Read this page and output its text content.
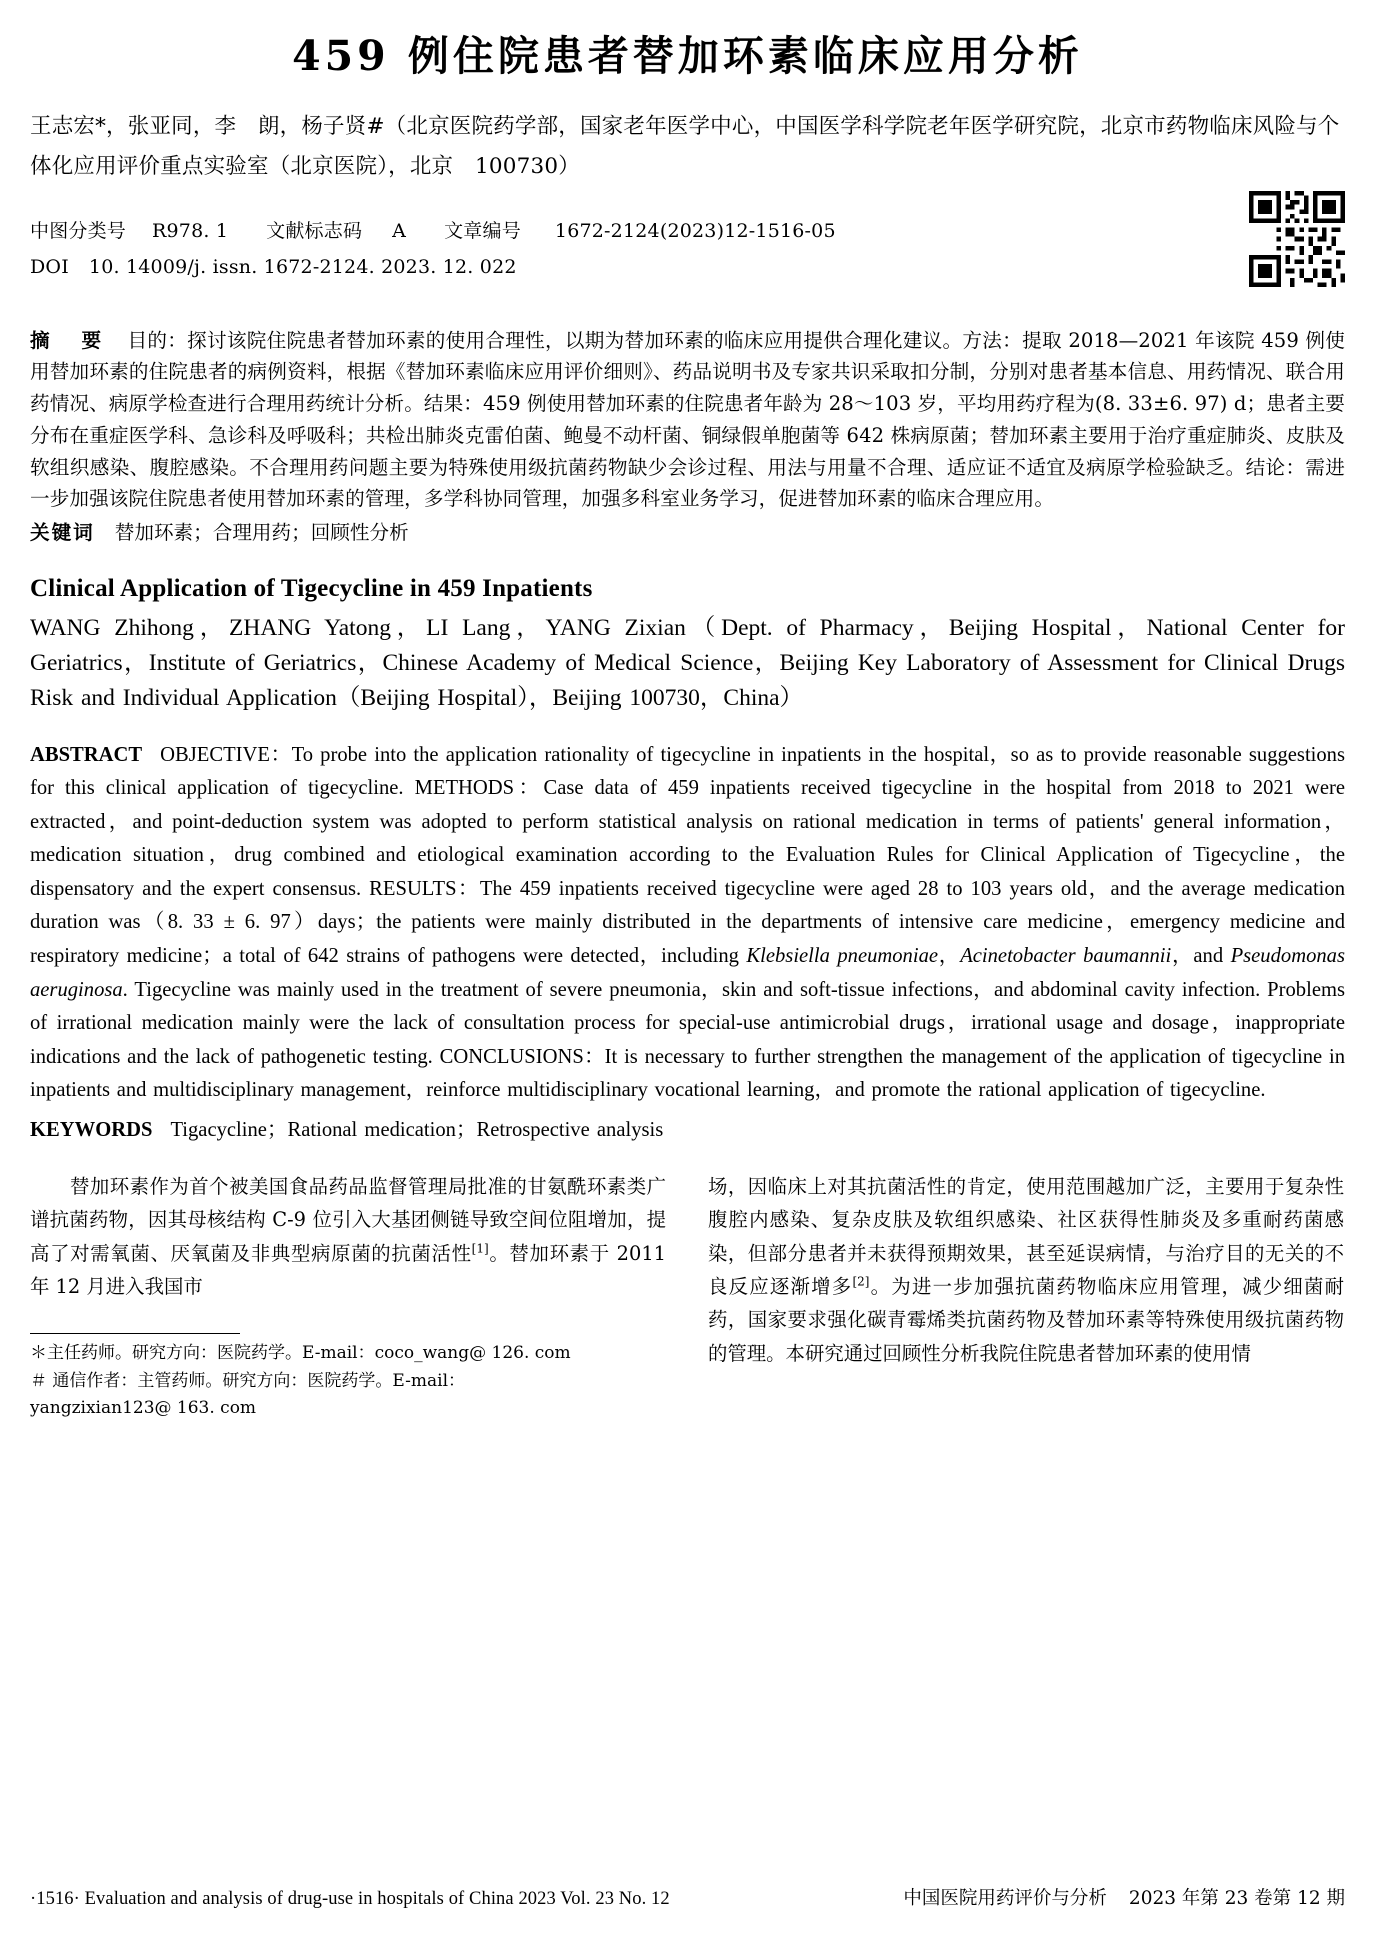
459 例住院患者替加环素临床应用分析
王志宏*，张亚同，李　朗，杨子贤#（北京医院药学部，国家老年医学中心，中国医学科学院老年医学研究院，北京市药物临床风险与个体化应用评价重点实验室（北京医院），北京　100730）
中图分类号 R978. 1 文献标志码 A 文章编号 1672-2124(2023)12-1516-05
DOI 10. 14009/j. issn. 1672-2124. 2023. 12. 022
摘　要 目的：探讨该院住院患者替加环素的使用合理性，以期为替加环素的临床应用提供合理化建议。方法：提取 2018—2021 年该院 459 例使用替加环素的住院患者的病例资料，根据《替加环素临床应用评价细则》、药品说明书及专家共识采取扣分制，分别对患者基本信息、用药情况、联合用药情况、病原学检查进行合理用药统计分析。结果：459 例使用替加环素的住院患者年龄为 28～103 岁，平均用药疗程为(8. 33±6. 97) d；患者主要分布在重症医学科、急诊科及呼吸科；共检出肺炎克雷伯菌、鲍曼不动杆菌、铜绿假单胞菌等 642 株病原菌；替加环素主要用于治疗重症肺炎、皮肤及软组织感染、腹腔感染。不合理用药问题主要为特殊使用级抗菌药物缺少会诊过程、用法与用量不合理、适应证不适宜及病原学检验缺乏。结论：需进一步加强该院住院患者使用替加环素的管理，多学科协同管理，加强多科室业务学习，促进替加环素的临床合理应用。
关键词 替加环素；合理用药；回顾性分析
Clinical Application of Tigecycline in 459 Inpatients
WANG Zhihong，ZHANG Yatong，LI Lang，YANG Zixian（Dept. of Pharmacy，Beijing Hospital，National Center for Geriatrics，Institute of Geriatrics，Chinese Academy of Medical Science，Beijing Key Laboratory of Assessment for Clinical Drugs Risk and Individual Application（Beijing Hospital），Beijing 100730，China）
ABSTRACT OBJECTIVE：To probe into the application rationality of tigecycline in inpatients in the hospital，so as to provide reasonable suggestions for this clinical application of tigecycline. METHODS：Case data of 459 inpatients received tigecycline in the hospital from 2018 to 2021 were extracted，and point-deduction system was adopted to perform statistical analysis on rational medication in terms of patients' general information，medication situation，drug combined and etiological examination according to the Evaluation Rules for Clinical Application of Tigecycline，the dispensatory and the expert consensus. RESULTS：The 459 inpatients received tigecycline were aged 28 to 103 years old，and the average medication duration was（8. 33 ± 6. 97）days；the patients were mainly distributed in the departments of intensive care medicine，emergency medicine and respiratory medicine；a total of 642 strains of pathogens were detected，including Klebsiella pneumoniae，Acinetobacter baumannii，and Pseudomonas aeruginosa. Tigecycline was mainly used in the treatment of severe pneumonia，skin and soft-tissue infections，and abdominal cavity infection. Problems of irrational medication mainly were the lack of consultation process for special-use antimicrobial drugs，irrational usage and dosage，inappropriate indications and the lack of pathogenetic testing. CONCLUSIONS：It is necessary to further strengthen the management of the application of tigecycline in inpatients and multidisciplinary management，reinforce multidisciplinary vocational learning，and promote the rational application of tigecycline.
KEYWORDS Tigacycline；Rational medication；Retrospective analysis

替加环素作为首个被美国食品药品监督管理局批准的甘氨酰环素类广谱抗菌药物，因其母核结构 C-9 位引入大基团侧链导致空间位阻增加，提高了对需氧菌、厌氧菌及非典型病原菌的抗菌活性[1]。替加环素于 2011 年 12 月进入我国市

＊主任药师。研究方向：医院药学。E-mail：coco_wang@ 126. com
＃ 通信作者：主管药师。研究方向：医院药学。E-mail：
yangzixian123@ 163. com

场，因临床上对其抗菌活性的肯定，使用范围越加广泛，主要用于复杂性腹腔内感染、复杂皮肤及软组织感染、社区获得性肺炎及多重耐药菌感染，但部分患者并未获得预期效果，甚至延误病情，与治疗目的无关的不良反应逐渐增多[2]。为进一步加强抗菌药物临床应用管理，减少细菌耐药，国家要求强化碳青霉烯类抗菌药物及替加环素等特殊使用级抗菌药物的管理。本研究通过回顾性分析我院住院患者替加环素的使用情

·1516· Evaluation and analysis of drug-use in hospitals of China 2023 Vol. 23 No. 12	中国医院用药评价与分析 2023 年第 23 卷第 12 期
